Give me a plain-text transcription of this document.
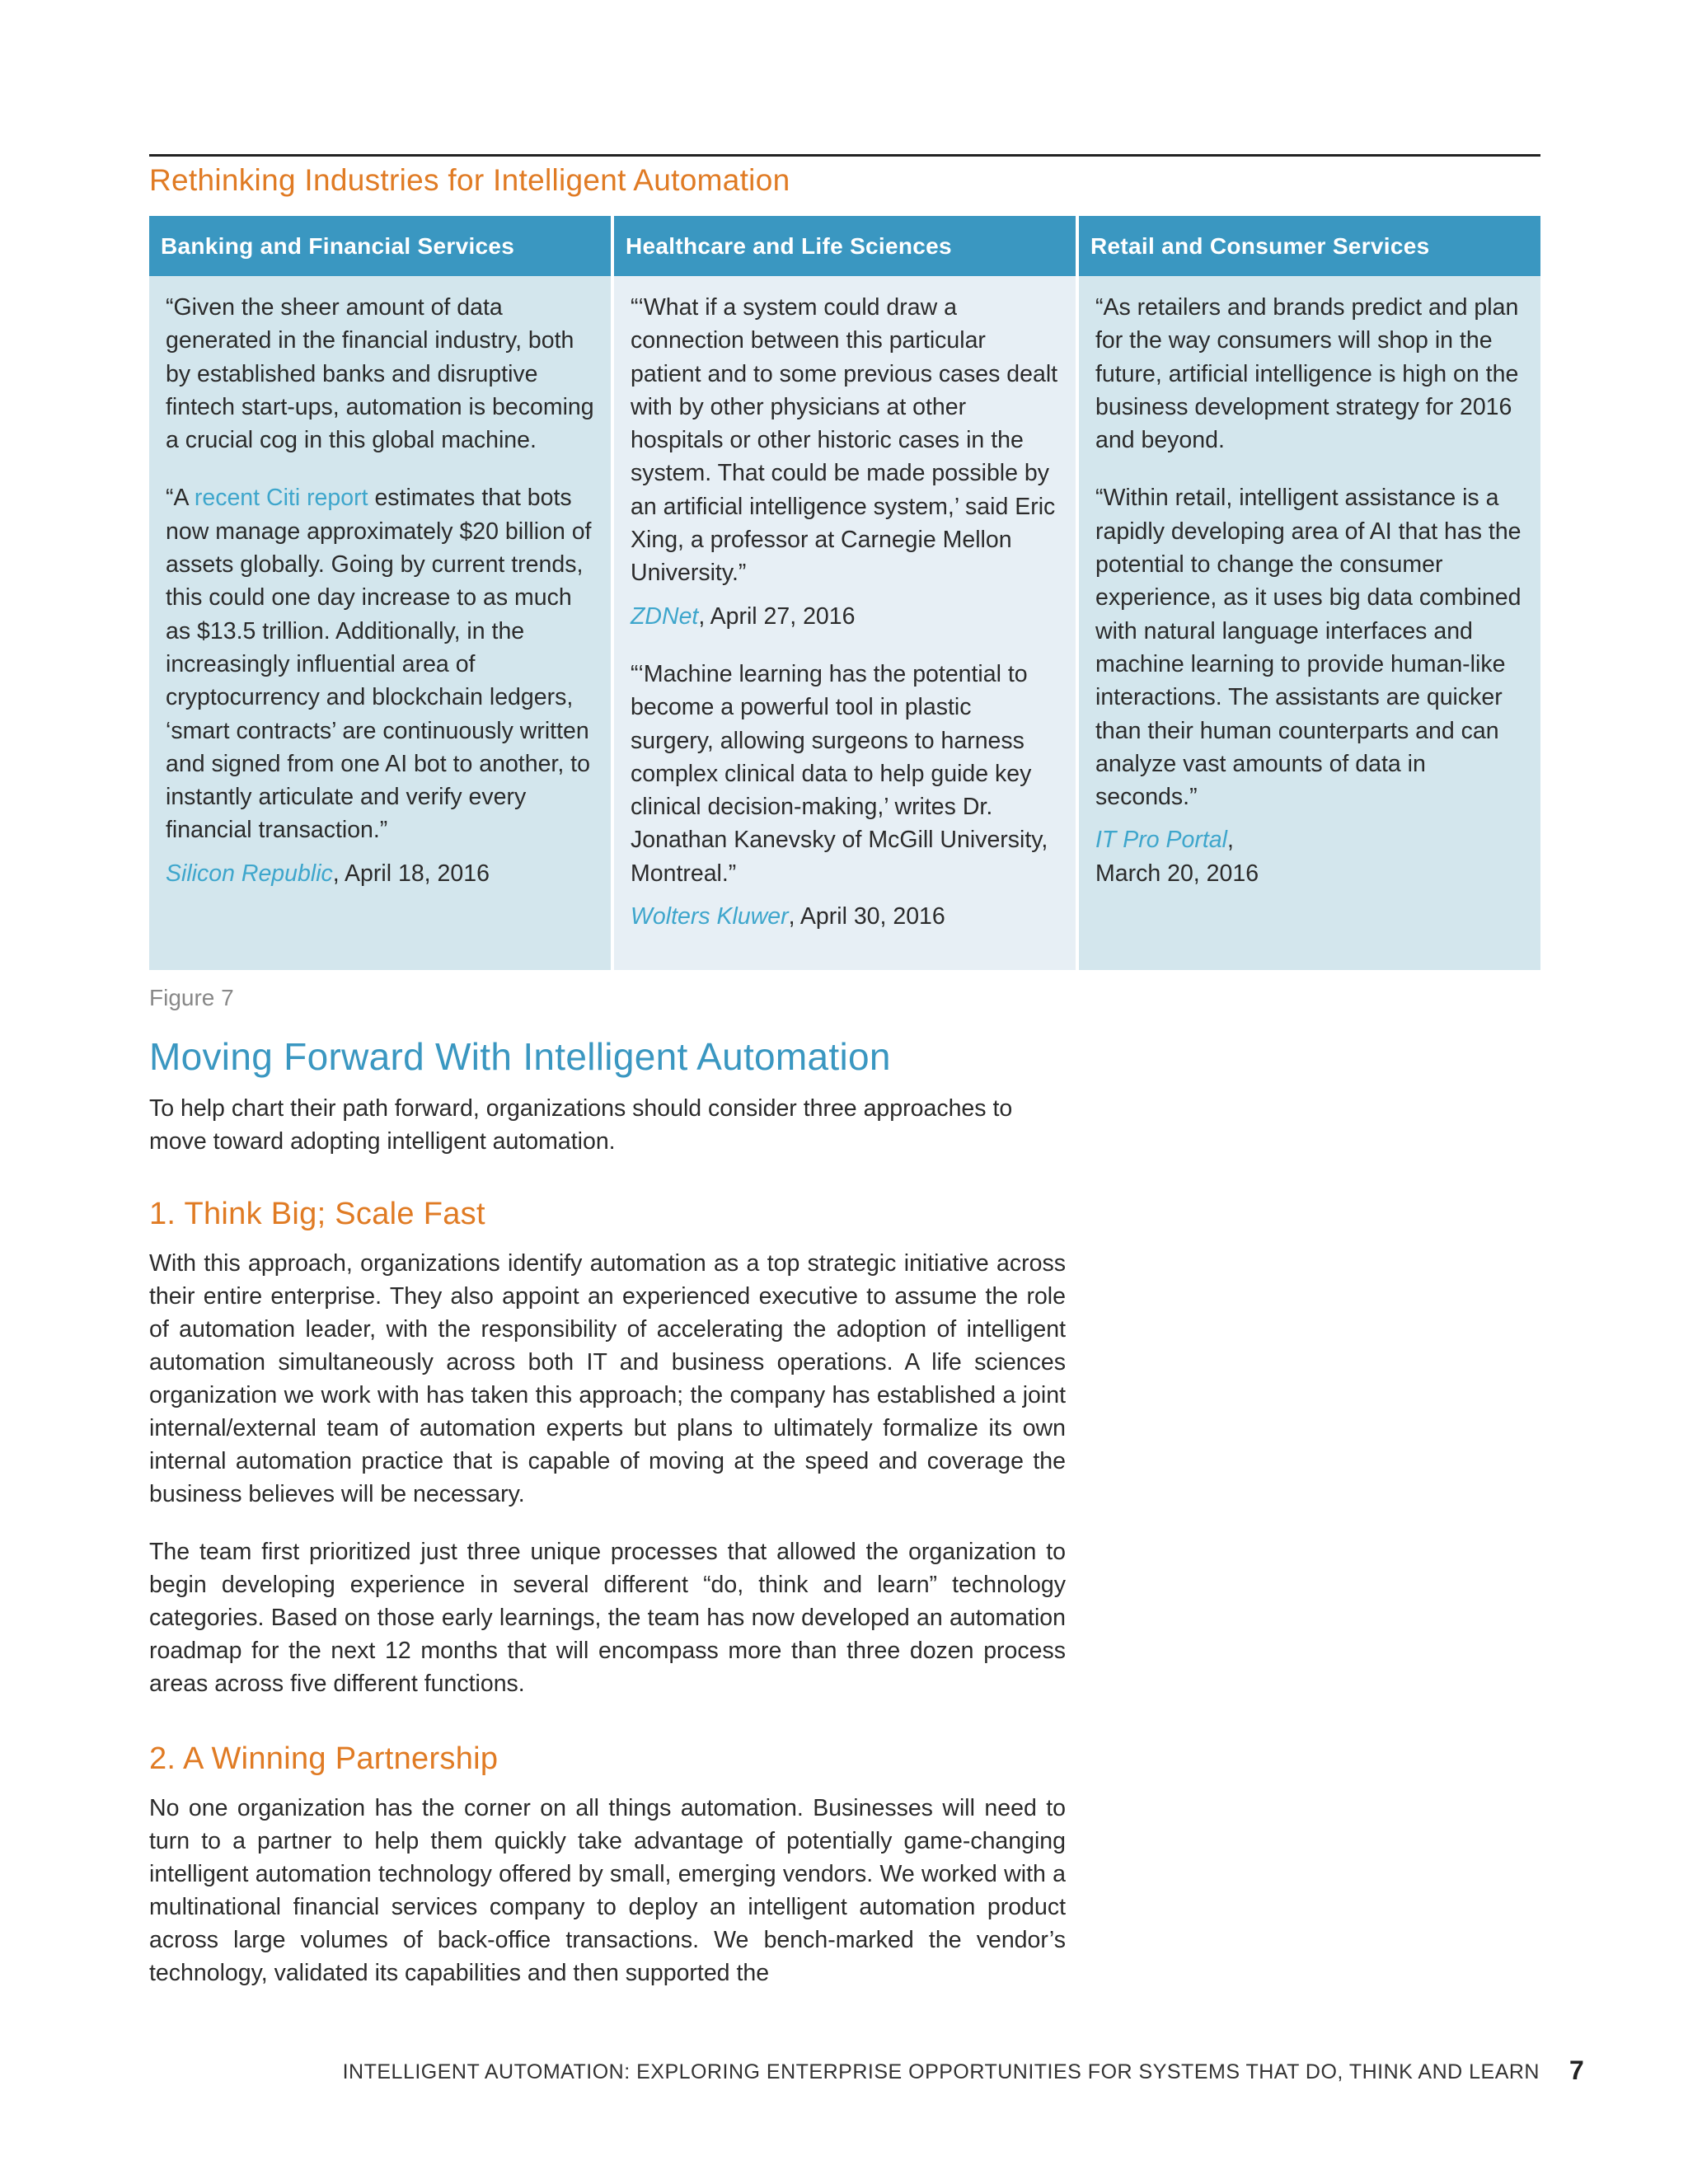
Rethinking Industries for Intelligent Automation
Banking and Financial Services

“Given the sheer amount of data generated in the financial industry, both by established banks and disruptive fintech start-ups, automation is becoming a crucial cog in this global machine.

“A recent Citi report estimates that bots now manage approximately $20 billion of assets globally. Going by current trends, this could one day increase to as much as $13.5 trillion. Additionally, in the increasingly influential area of cryptocurrency and blockchain ledgers, ‘smart contracts’ are continuously written and signed from one AI bot to another, to instantly articulate and verify every financial transaction.”

Silicon Republic, April 18, 2016

Healthcare and Life Sciences

“‘What if a system could draw a connection between this particular patient and to some previous cases dealt with by other physicians at other hospitals or other historic cases in the system. That could be made possible by an artificial intelligence system,’ said Eric Xing, a professor at Carnegie Mellon University.”

ZDNet, April 27, 2016

“‘Machine learning has the potential to become a powerful tool in plastic surgery, allowing surgeons to harness complex clinical data to help guide key clinical decision-making,’ writes Dr. Jonathan Kanevsky of McGill University, Montreal.”

Wolters Kluwer, April 30, 2016

Retail and Consumer Services

“As retailers and brands predict and plan for the way consumers will shop in the future, artificial intelligence is high on the business development strategy for 2016 and beyond.

“Within retail, intelligent assistance is a rapidly developing area of AI that has the potential to change the consumer experience, as it uses big data combined with natural language interfaces and machine learning to provide human-like interactions. The assistants are quicker than their human counterparts and can analyze vast amounts of data in seconds.”

IT Pro Portal,
March 20, 2016

Figure 7
Moving Forward With Intelligent Automation

To help chart their path forward, organizations should consider three approaches to move toward adopting intelligent automation.

1. Think Big; Scale Fast

With this approach, organizations identify automation as a top strategic initiative across their entire enterprise. They also appoint an experienced executive to assume the role of automation leader, with the responsibility of accelerating the adoption of intelligent automation simultaneously across both IT and business operations. A life sciences organization we work with has taken this approach; the company has established a joint internal/external team of automation experts but plans to ultimately formalize its own internal automation practice that is capable of moving at the speed and coverage the business believes will be necessary.

The team first prioritized just three unique processes that allowed the organization to begin developing experience in several different “do, think and learn” technology categories. Based on those early learnings, the team has now developed an automation roadmap for the next 12 months that will encompass more than three dozen process areas across five different functions.

2. A Winning Partnership

No one organization has the corner on all things automation. Businesses will need to turn to a partner to help them quickly take advantage of potentially game-changing intelligent automation technology offered by small, emerging vendors. We worked with a multinational financial services company to deploy an intelligent automation product across large volumes of back-office transactions. We bench-marked the vendor’s technology, validated its capabilities and then supported the

INTELLIGENT AUTOMATION: EXPLORING ENTERPRISE OPPORTUNITIES FOR SYSTEMS THAT DO, THINK AND LEARN 7
